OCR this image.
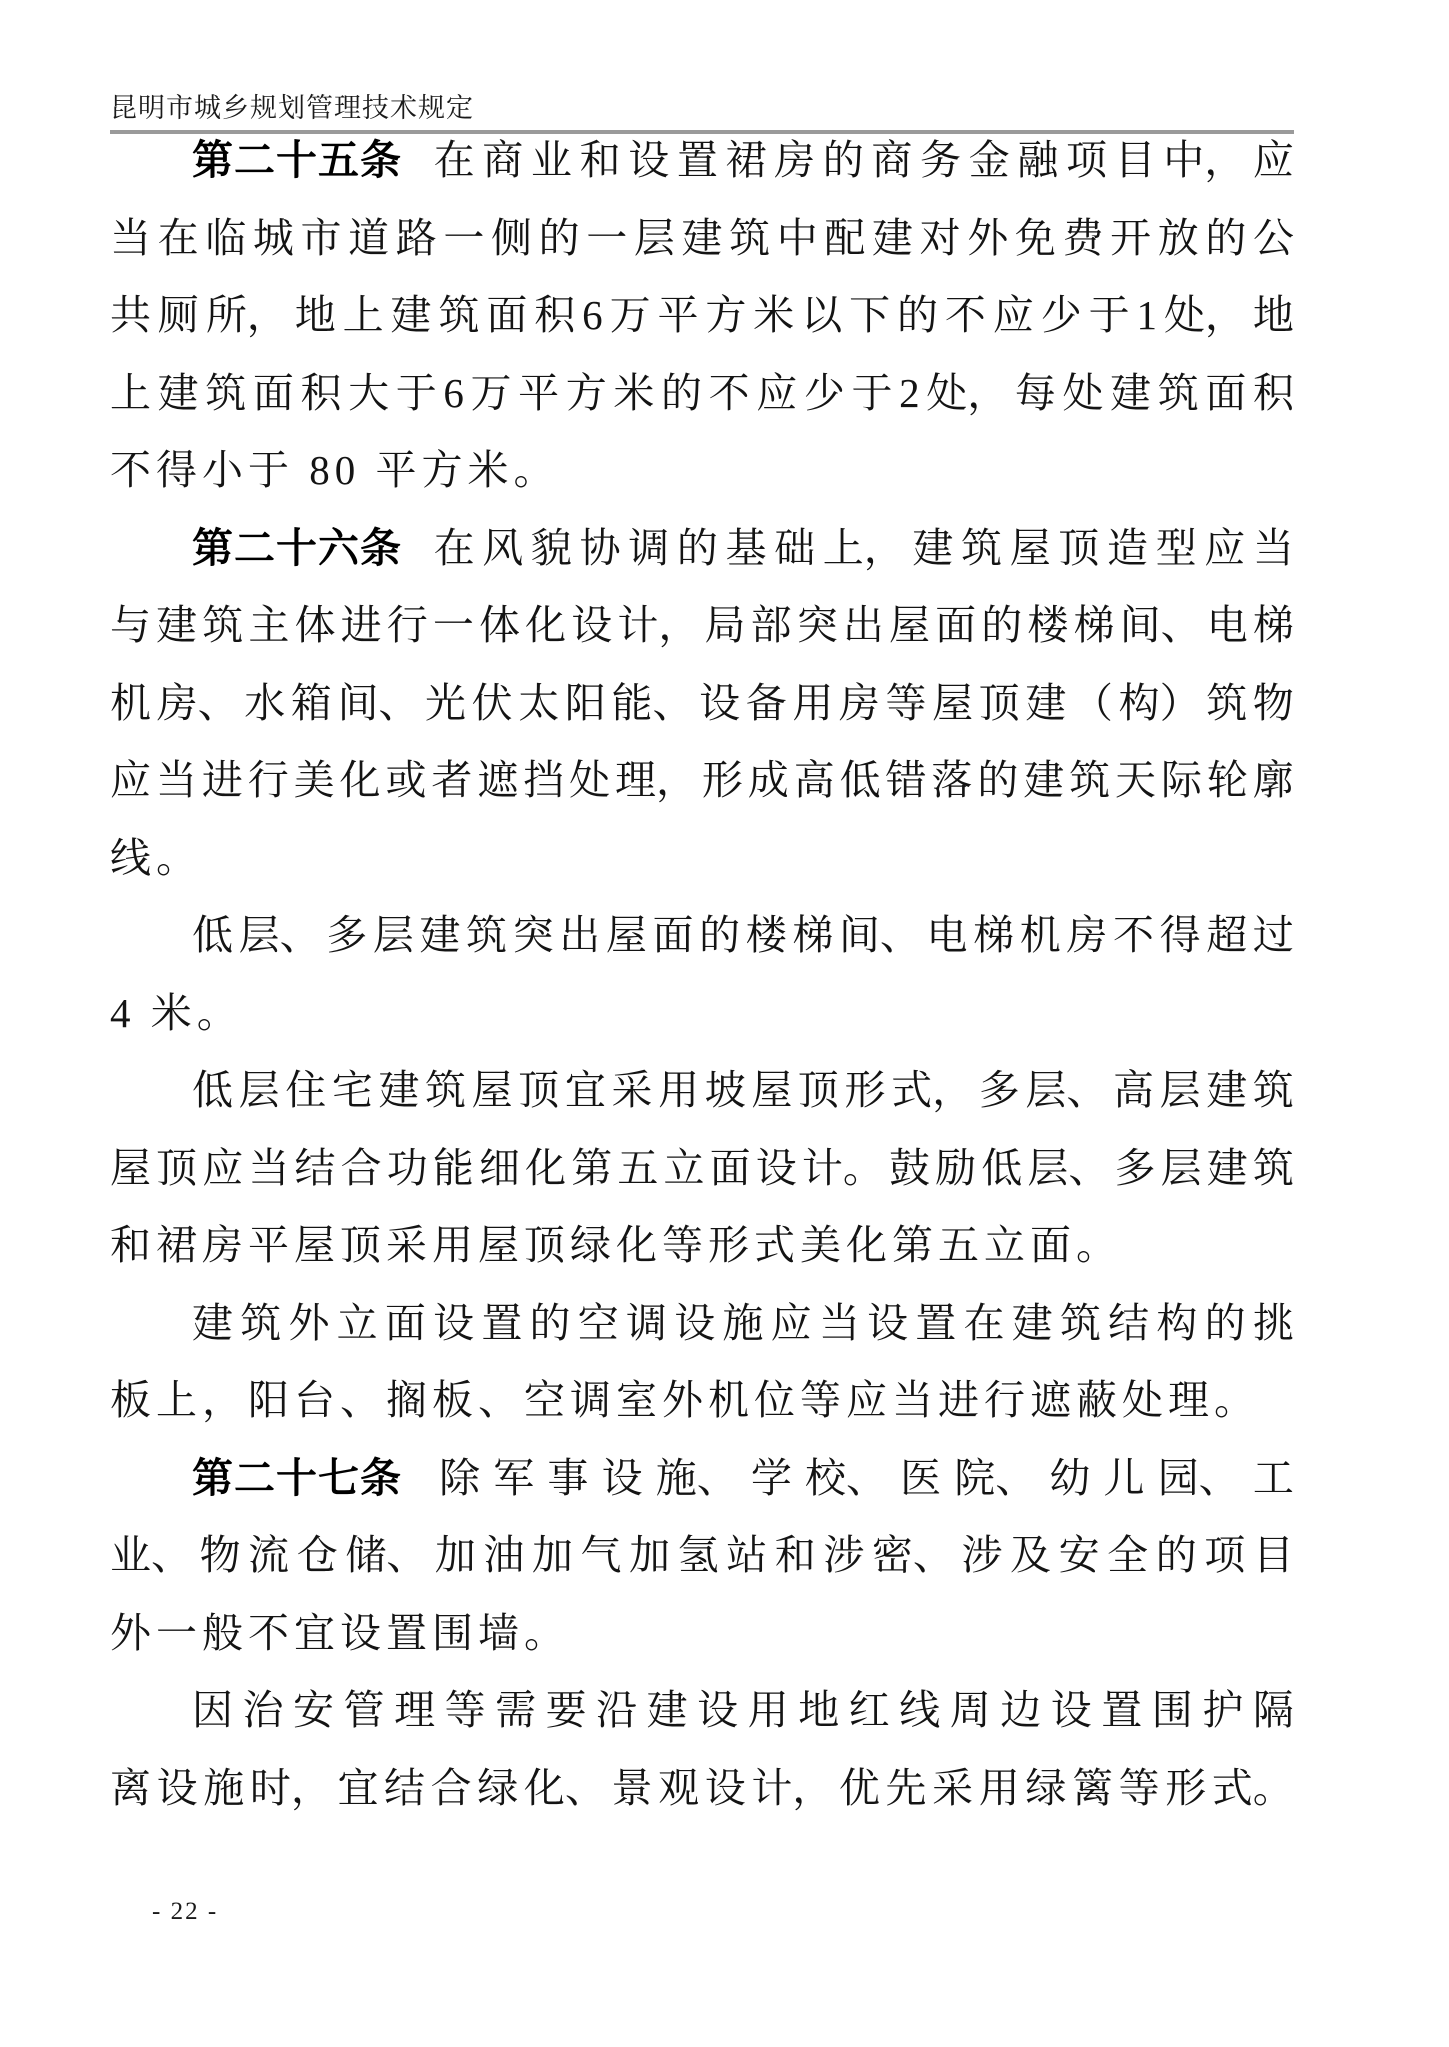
昆明市城乡规划管理技术规定
第二十五条 在 商 业 和 设 置 裙 房 的 商 务 金 融 项 目 中， 应
当 在 临 城 市 道 路 一 侧 的 一 层 建 筑 中 配 建 对 外 免 费 开 放 的 公
共 厕 所， 地 上 建 筑 面 积 6 万 平 方 米 以 下 的 不 应 少 于 1 处， 地
上 建 筑 面 积 大 于 6 万 平 方 米 的 不 应 少 于 2 处， 每 处 建 筑 面 积
不得小于 80 平方米。
第二十六条 在 风 貌 协 调 的 基 础 上， 建 筑 屋 顶 造 型 应 当
与 建 筑 主 体 进 行 一 体 化 设 计， 局 部 突 出 屋 面 的 楼 梯 间、 电 梯
机 房、 水 箱 间、 光 伏 太 阳 能、 设 备 用 房 等 屋 顶 建 （ 构） 筑 物
应 当 进 行 美 化 或 者 遮 挡 处 理， 形 成 高 低 错 落 的 建 筑 天 际 轮 廓
线。
低 层、 多 层 建 筑 突 出 屋 面 的 楼 梯 间、 电 梯 机 房 不 得 超 过
4 米。
低 层 住 宅 建 筑 屋 顶 宜 采 用 坡 屋 顶 形 式， 多 层、 高 层 建 筑
屋 顶 应 当 结 合 功 能 细 化 第 五 立 面 设 计。 鼓 励 低 层、 多 层 建 筑
和裙房平屋顶采用屋顶绿化等形式美化第五立面。
建 筑 外 立 面 设 置 的 空 调 设 施 应 当 设 置 在 建 筑 结 构 的 挑
板上，阳台、搁板、空调室外机位等应当进行遮蔽处理。
第二十七条 除 军 事 设 施、 学 校、 医 院、 幼 儿 园、 工
业、 物 流 仓 储、 加 油 加 气 加 氢 站 和 涉 密、 涉 及 安 全 的 项 目
外一般不宜设置围墙。
因 治 安 管 理 等 需 要 沿 建 设 用 地 红 线 周 边 设 置 围 护 隔
离 设 施 时， 宜 结 合 绿 化、 景 观 设 计， 优 先 采 用 绿 篱 等 形 式。
- 22 -
